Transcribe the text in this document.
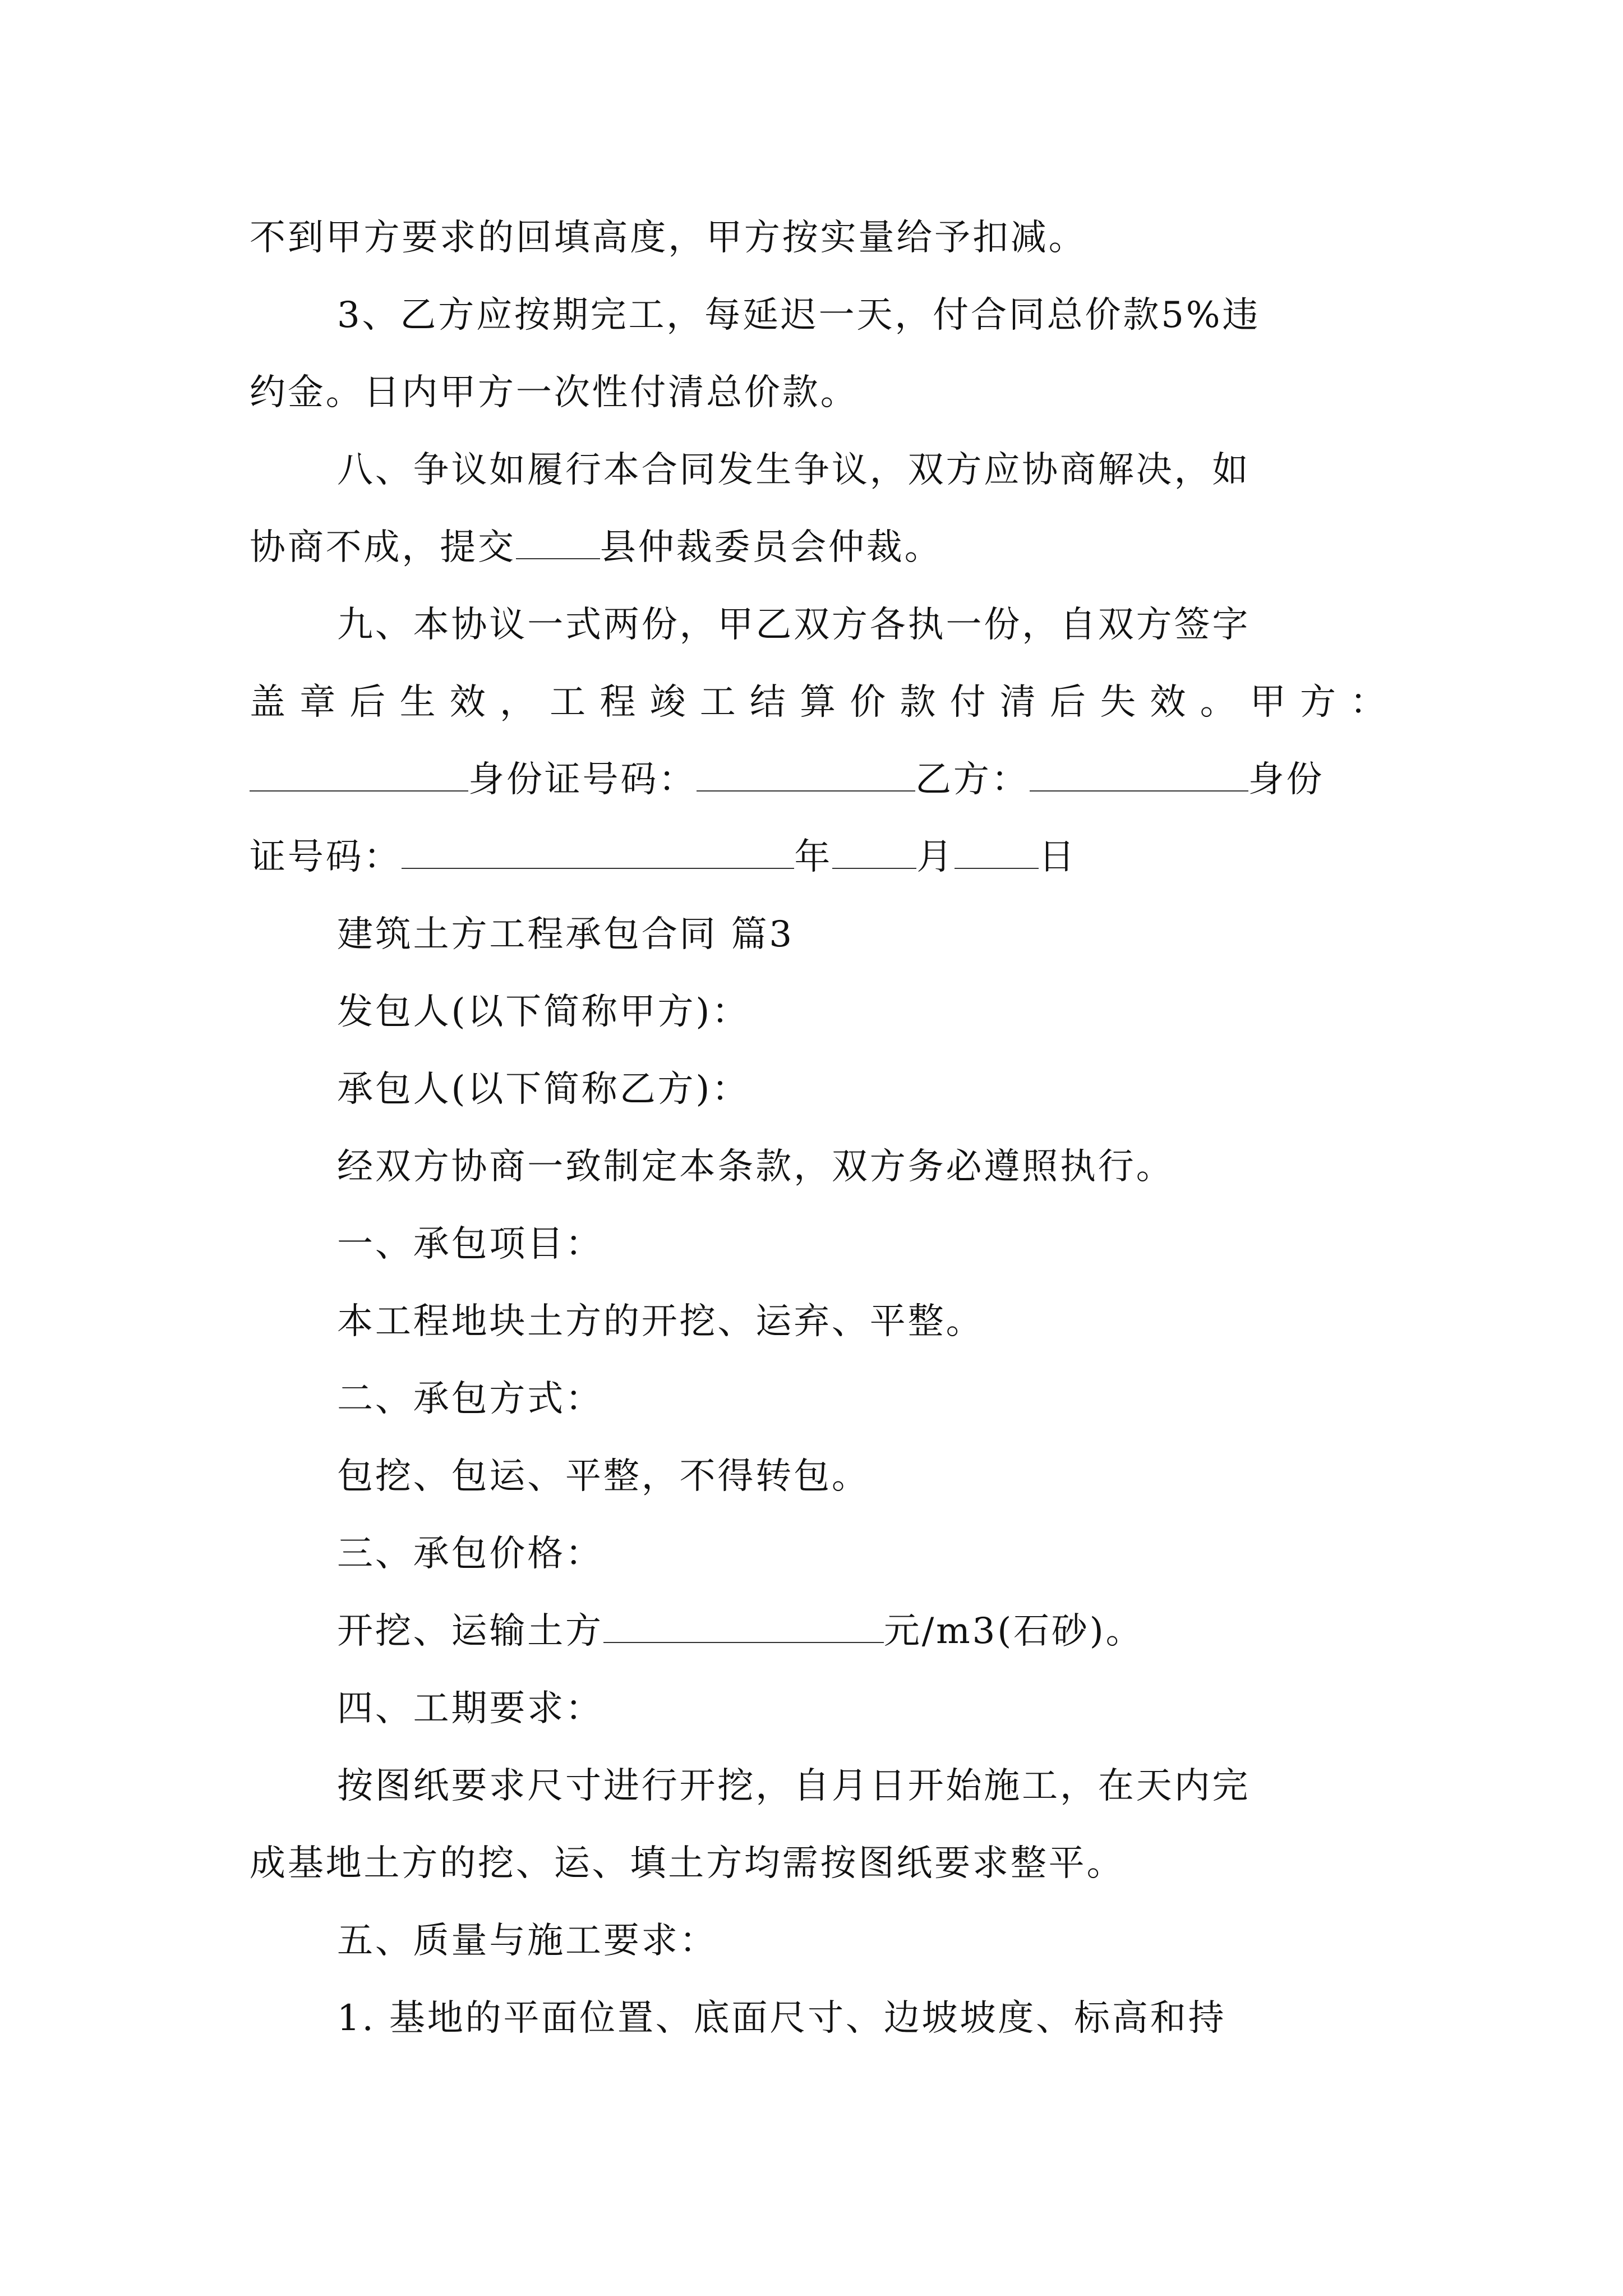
不到甲方要求的回填高度，甲方按实量给予扣减。
3、乙方应按期完工，每延迟一天，付合同总价款5%违
约金。日内甲方一次性付清总价款。
八、争议如履行本合同发生争议，双方应协商解决，如
协商不成，提交 县仲裁委员会仲裁。
九、本协议一式两份，甲乙双方各执一份，自双方签字
盖章后生效，工程竣工结算价款付清后失效。甲方：
身份证号码：	乙方：	身份
证号码：	年 月 日
建筑土方工程承包合同 篇3
发包人(以下简称甲方)：
承包人(以下简称乙方)：
经双方协商一致制定本条款，双方务必遵照执行。
一、承包项目：
本工程地块土方的开挖、运弃、平整。
二、承包方式：
包挖、包运、平整，不得转包。
三、承包价格：
开挖、运输土方	元/m3(石砂)。
四、工期要求：
按图纸要求尺寸进行开挖，自月日开始施工，在天内完
成基地土方的挖、运、填土方均需按图纸要求整平。
五、质量与施工要求：
1. 基地的平面位置、底面尺寸、边坡坡度、标高和持
